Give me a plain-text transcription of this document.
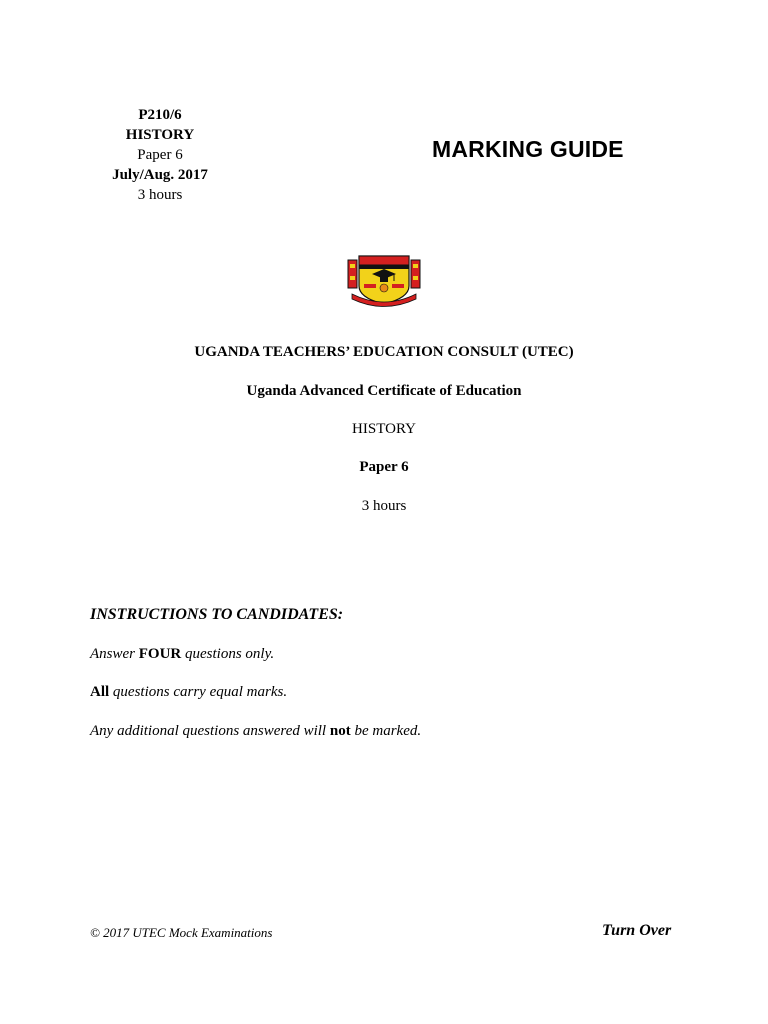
P210/6
HISTORY
Paper 6
July/Aug. 2017
3 hours
MARKING GUIDE
UGANDA TEACHERS’ EDUCATION CONSULT (UTEC)
Uganda Advanced Certificate of Education
HISTORY
Paper 6
3 hours
INSTRUCTIONS TO CANDIDATES:
Answer FOUR questions only.
All questions carry equal marks.
Any additional questions answered will not be marked.
© 2017 UTEC Mock Examinations	Turn Over
